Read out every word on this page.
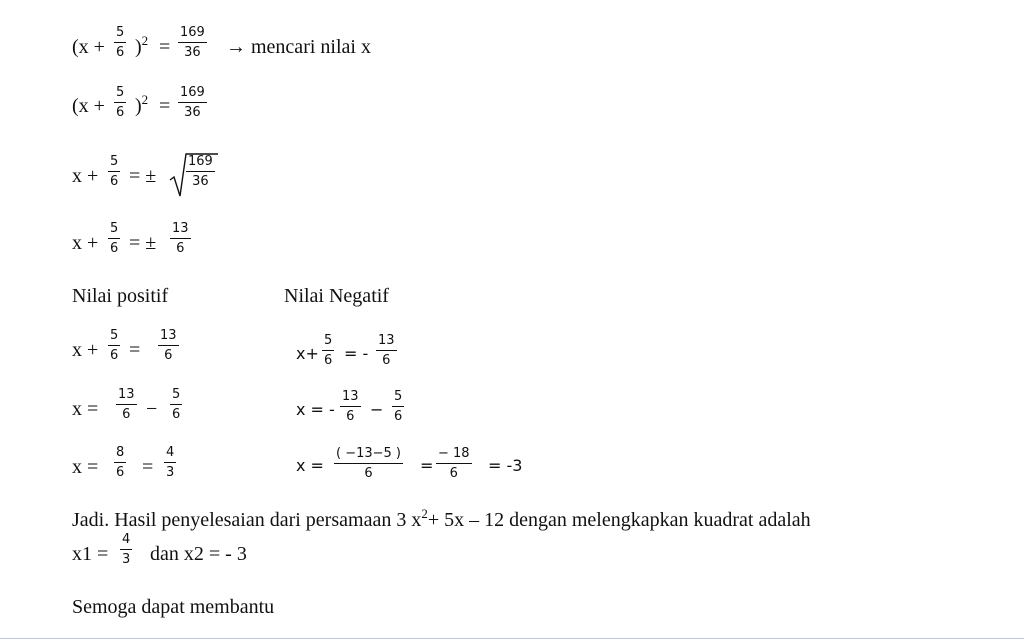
$(x + \frac{5}{6} )^2 = \frac{169}{36}$ → mencari nilai x
$(x + \frac{5}{6} )^2 = \frac{169}{36}$
$x + \frac{5}{6}$ = ± $\frac{169}{36}$
$x + \frac{5}{6}$ = ± $\frac{13}{6}$
Nilai positif	Nilai Negatif
$x + \frac{5}{6} = \frac{13}{6}$
$x = \frac{13}{6} - \frac{5}{6}$
$x = \frac{8}{6} = \frac{4}{3}$
$x+ \frac{5}{6}$ = - $\frac{13}{6}$
x = - $\frac{13}{6} - \frac{5}{6}$
$x = \frac{( -13-5 )}{6} = \frac{- 18}{6} = -3$
Jadi. Hasil penyelesaian dari persamaan 3 $x^2+ 5x - 12$ dengan melengkapkan kuadrat adalah
$x1 = \frac{4}{3}$ dan x2 = - 3
Semoga dapat membantu
